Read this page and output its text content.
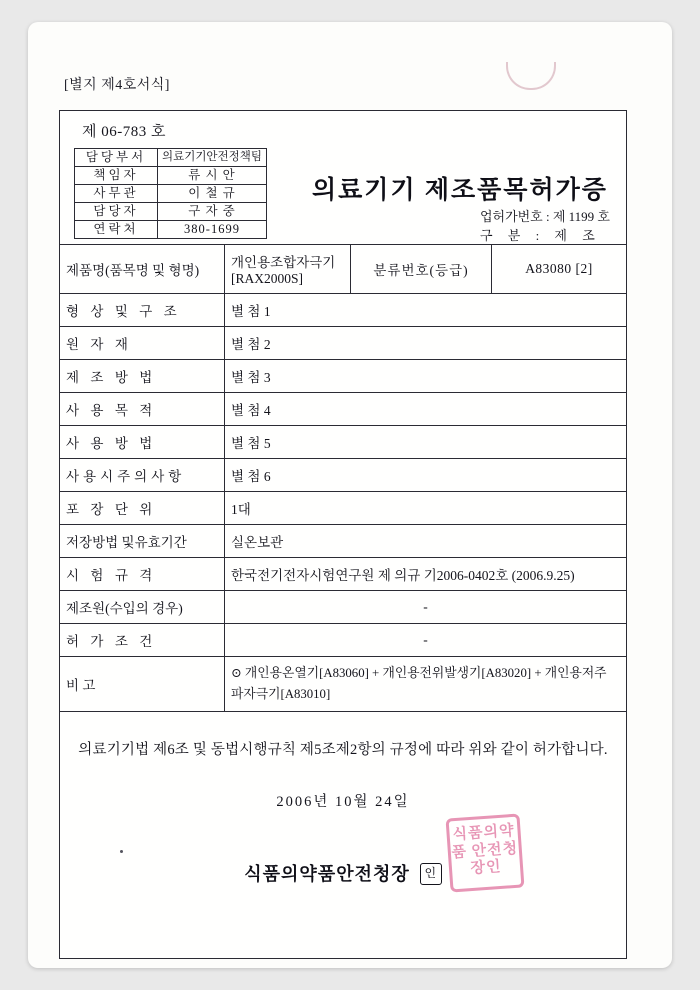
[별지 제4호서식]
제 06-783 호
담당부서	의료기기안전정책팀
책임자	류 시 안
사무관	이 철 규
담당자	구 자 중
연락처	380-1699
의료기기 제조품목허가증
업허가번호 : 제 1199 호
구 분 : 제 조
제품명(품목명 및 형명)	개인용조합자극기 [RAX2000S]	분류번호(등급)	A83080 [2]
형 상 및 구 조	별 첨 1		
원 자 재	별 첨 2		
제 조 방 법	별 첨 3		
사 용 목 적	별 첨 4		
사 용 방 법	별 첨 5		
사용시주의사항	별 첨 6		
포 장 단 위	1대		
저장방법 및유효기간	실온보관		
시 험 규 격	한국전기전자시험연구원 제 의규 기2006-0402호 (2006.9.25)		
제조원(수입의 경우)	-		
허 가 조 건	-		
비 고	⊙ 개인용온열기[A83060] + 개인용전위발생기[A83020] + 개인용저주
파자극기[A83010]		
의료기기법 제6조 및 동법시행규칙 제5조제2항의 규정에 따라 위와 같이 허가합니다.
2006년 10월 24일
식품의약품 안전청장인
식품의약품안전청장 인
